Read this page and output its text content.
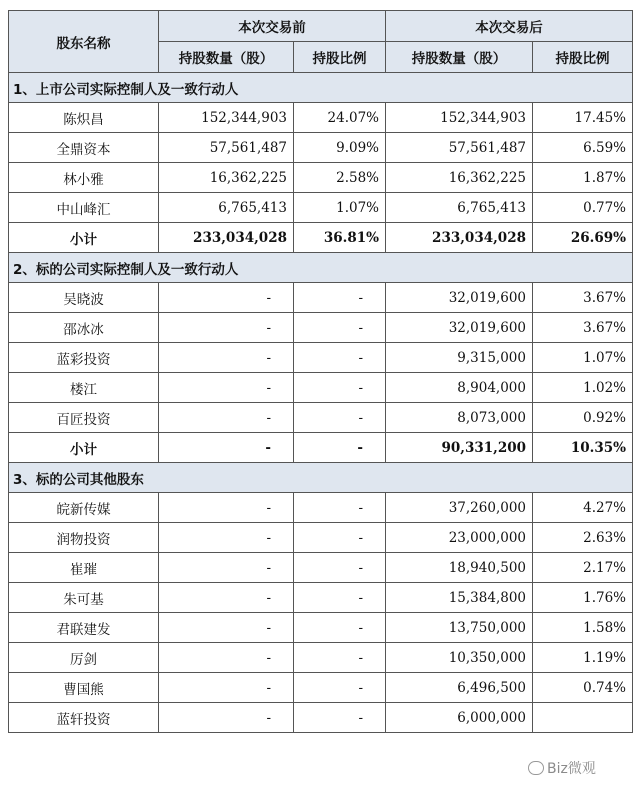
股东名称	本次交易前		本次交易后	
	持股数量（股）	持股比例	持股数量（股）	持股比例
1、上市公司实际控制人及一致行动人				
陈炽昌	152,344,903	24.07%	152,344,903	17.45%
全鼎资本	57,561,487	9.09%	57,561,487	6.59%
林小雅	16,362,225	2.58%	16,362,225	1.87%
中山峰汇	6,765,413	1.07%	6,765,413	0.77%
小计	233,034,028	36.81%	233,034,028	26.69%
2、标的公司实际控制人及一致行动人				
吴晓波	-	-	32,019,600	3.67%
邵冰冰	-	-	32,019,600	3.67%
蓝彩投资	-	-	9,315,000	1.07%
楼江	-	-	8,904,000	1.02%
百匠投资	-	-	8,073,000	0.92%
小计	-	-	90,331,200	10.35%
3、标的公司其他股东				
皖新传媒	-	-	37,260,000	4.27%
润物投资	-	-	23,000,000	2.63%
崔璀	-	-	18,940,500	2.17%
朱可基	-	-	15,384,800	1.76%
君联建发	-	-	13,750,000	1.58%
厉剑	-	-	10,350,000	1.19%
曹国熊	-	-	6,496,500	0.74%
蓝轩投资	-	-	6,000,000	
Biz微观
